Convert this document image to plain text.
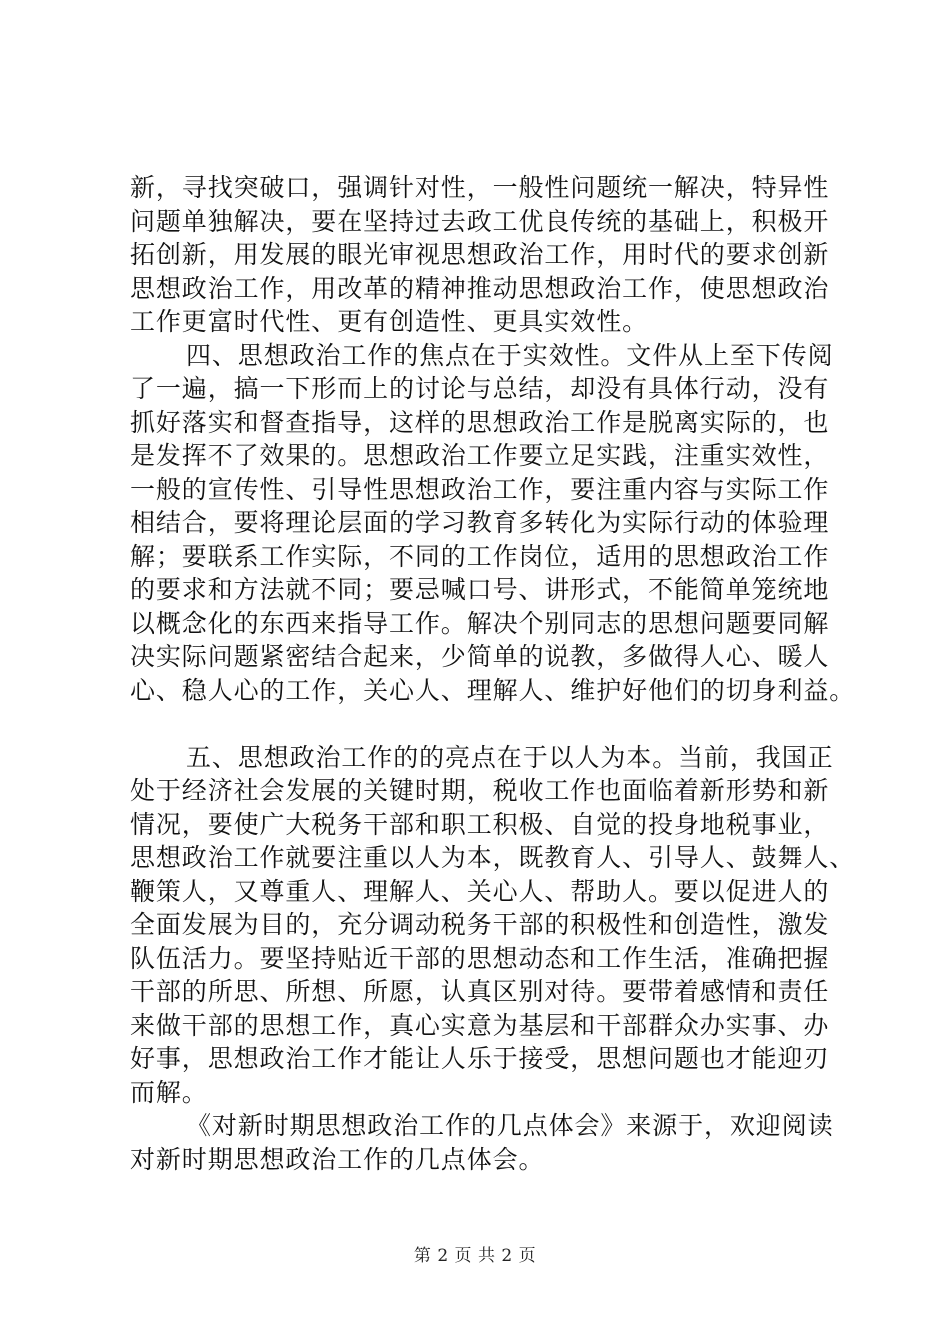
新，寻找突破口，强调针对性，一般性问题统一解决，特异性
问题单独解决，要在坚持过去政工优良传统的基础上，积极开
拓创新，用发展的眼光审视思想政治工作，用时代的要求创新
思想政治工作，用改革的精神推动思想政治工作，使思想政治
工作更富时代性、更有创造性、更具实效性。
四、思想政治工作的焦点在于实效性。文件从上至下传阅
了一遍，搞一下形而上的讨论与总结，却没有具体行动，没有
抓好落实和督查指导，这样的思想政治工作是脱离实际的，也
是发挥不了效果的。思想政治工作要立足实践，注重实效性，
一般的宣传性、引导性思想政治工作，要注重内容与实际工作
相结合，要将理论层面的学习教育多转化为实际行动的体验理
解；要联系工作实际，不同的工作岗位，适用的思想政治工作
的要求和方法就不同；要忌喊口号、讲形式，不能简单笼统地
以概念化的东西来指导工作。解决个别同志的思想问题要同解
决实际问题紧密结合起来，少简单的说教，多做得人心、暖人
心、稳人心的工作，关心人、理解人、维护好他们的切身利益。
五、思想政治工作的的亮点在于以人为本。当前，我国正
处于经济社会发展的关键时期，税收工作也面临着新形势和新
情况，要使广大税务干部和职工积极、自觉的投身地税事业，
思想政治工作就要注重以人为本，既教育人、引导人、鼓舞人、
鞭策人，又尊重人、理解人、关心人、帮助人。要以促进人的
全面发展为目的，充分调动税务干部的积极性和创造性，激发
队伍活力。要坚持贴近干部的思想动态和工作生活，准确把握
干部的所思、所想、所愿，认真区别对待。要带着感情和责任
来做干部的思想工作，真心实意为基层和干部群众办实事、办
好事，思想政治工作才能让人乐于接受，思想问题也才能迎刃
而解。
《对新时期思想政治工作的几点体会》来源于，欢迎阅读
对新时期思想政治工作的几点体会。
第 2 页 共 2 页
